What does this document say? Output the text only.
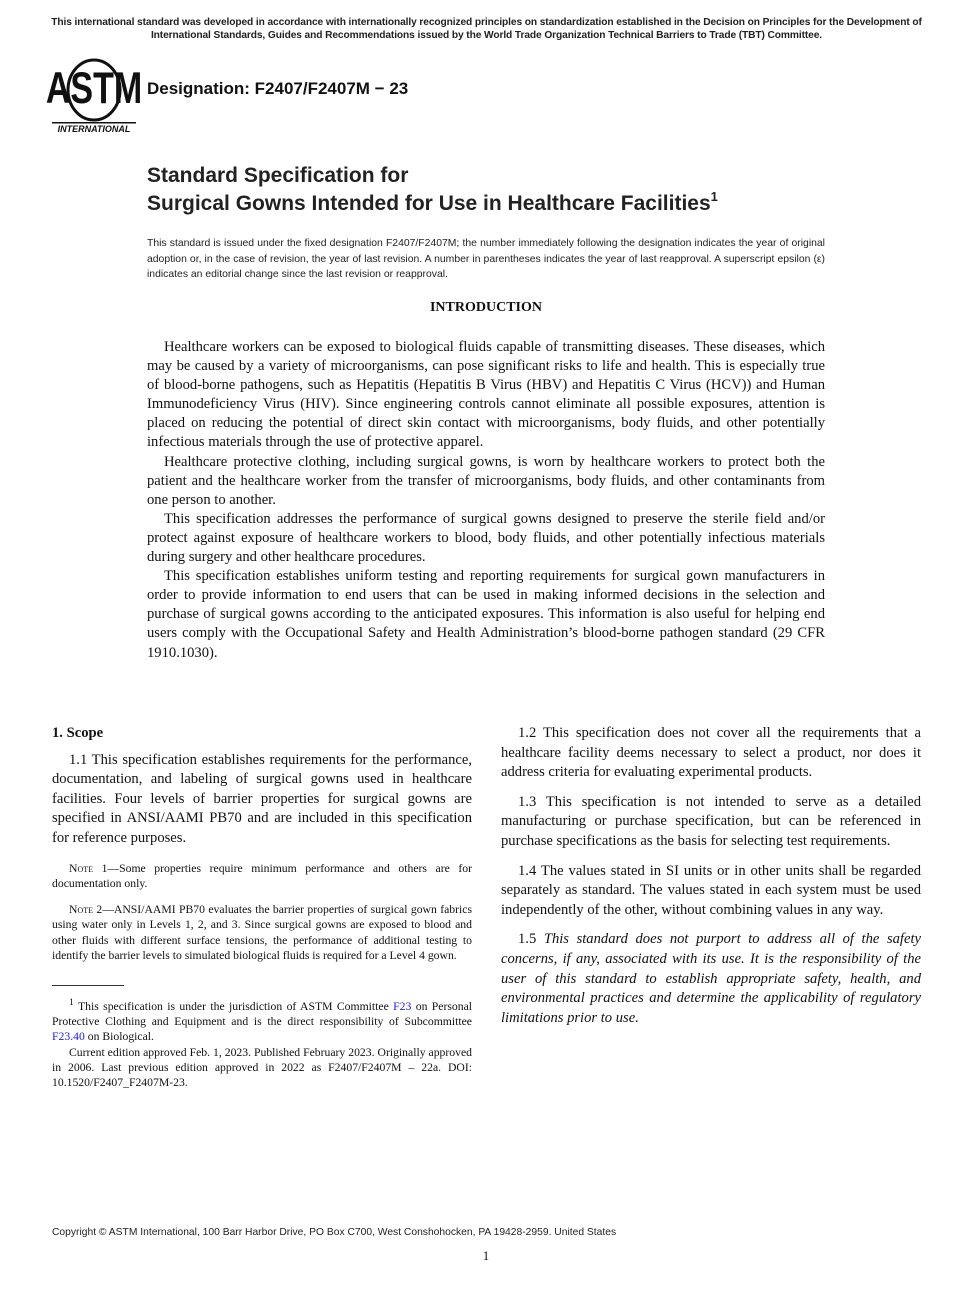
This international standard was developed in accordance with internationally recognized principles on standardization established in the Decision on Principles for the Development of International Standards, Guides and Recommendations issued by the World Trade Organization Technical Barriers to Trade (TBT) Committee.
ASTM
INTERNATIONAL
Designation: F2407/F2407M − 23
Standard Specification for
Surgical Gowns Intended for Use in Healthcare Facilities$^1$
This standard is issued under the fixed designation F2407/F2407M; the number immediately following the designation indicates the year of original adoption or, in the case of revision, the year of last revision. A number in parentheses indicates the year of last reapproval. A superscript epsilon (ε) indicates an editorial change since the last revision or reapproval.
INTRODUCTION

Healthcare workers can be exposed to biological fluids capable of transmitting diseases. These diseases, which may be caused by a variety of microorganisms, can pose significant risks to life and health. This is especially true of blood-borne pathogens, such as Hepatitis (Hepatitis B Virus (HBV) and Hepatitis C Virus (HCV)) and Human Immunodeficiency Virus (HIV). Since engineering controls cannot eliminate all possible exposures, attention is placed on reducing the potential of direct skin contact with microorganisms, body fluids, and other potentially infectious materials through the use of protective apparel.

Healthcare protective clothing, including surgical gowns, is worn by healthcare workers to protect both the patient and the healthcare worker from the transfer of microorganisms, body fluids, and other contaminants from one person to another.

This specification addresses the performance of surgical gowns designed to preserve the sterile field and/or protect against exposure of healthcare workers to blood, body fluids, and other potentially infectious materials during surgery and other healthcare procedures.

This specification establishes uniform testing and reporting requirements for surgical gown manufacturers in order to provide information to end users that can be used in making informed decisions in the selection and purchase of surgical gowns according to the anticipated exposures. This information is also useful for helping end users comply with the Occupational Safety and Health Administration’s blood-borne pathogen standard (29 CFR 1910.1030).

1. Scope

1.1 This specification establishes requirements for the performance, documentation, and labeling of surgical gowns used in healthcare facilities. Four levels of barrier properties for surgical gowns are specified in ANSI/AAMI PB70 and are included in this specification for reference purposes.

Note 1—Some properties require minimum performance and others are for documentation only.

Note 2—ANSI/AAMI PB70 evaluates the barrier properties of surgical gown fabrics using water only in Levels 1, 2, and 3. Since surgical gowns are exposed to blood and other fluids with different surface tensions, the performance of additional testing to identify the barrier levels to simulated biological fluids is required for a Level 4 gown.

$^1$ This specification is under the jurisdiction of ASTM Committee F23 on Personal Protective Clothing and Equipment and is the direct responsibility of Subcommittee F23.40 on Biological.

Current edition approved Feb. 1, 2023. Published February 2023. Originally approved in 2006. Last previous edition approved in 2022 as F2407/F2407M – 22a. DOI: 10.1520/F2407_F2407M-23.

1.2 This specification does not cover all the requirements that a healthcare facility deems necessary to select a product, nor does it address criteria for evaluating experimental products.

1.3 This specification is not intended to serve as a detailed manufacturing or purchase specification, but can be referenced in purchase specifications as the basis for selecting test requirements.

1.4 The values stated in SI units or in other units shall be regarded separately as standard. The values stated in each system must be used independently of the other, without combining values in any way.

1.5 This standard does not purport to address all of the safety concerns, if any, associated with its use. It is the responsibility of the user of this standard to establish appropriate safety, health, and environmental practices and determine the applicability of regulatory limitations prior to use.

Copyright © ASTM International, 100 Barr Harbor Drive, PO Box C700, West Conshohocken, PA 19428-2959. United States
1
